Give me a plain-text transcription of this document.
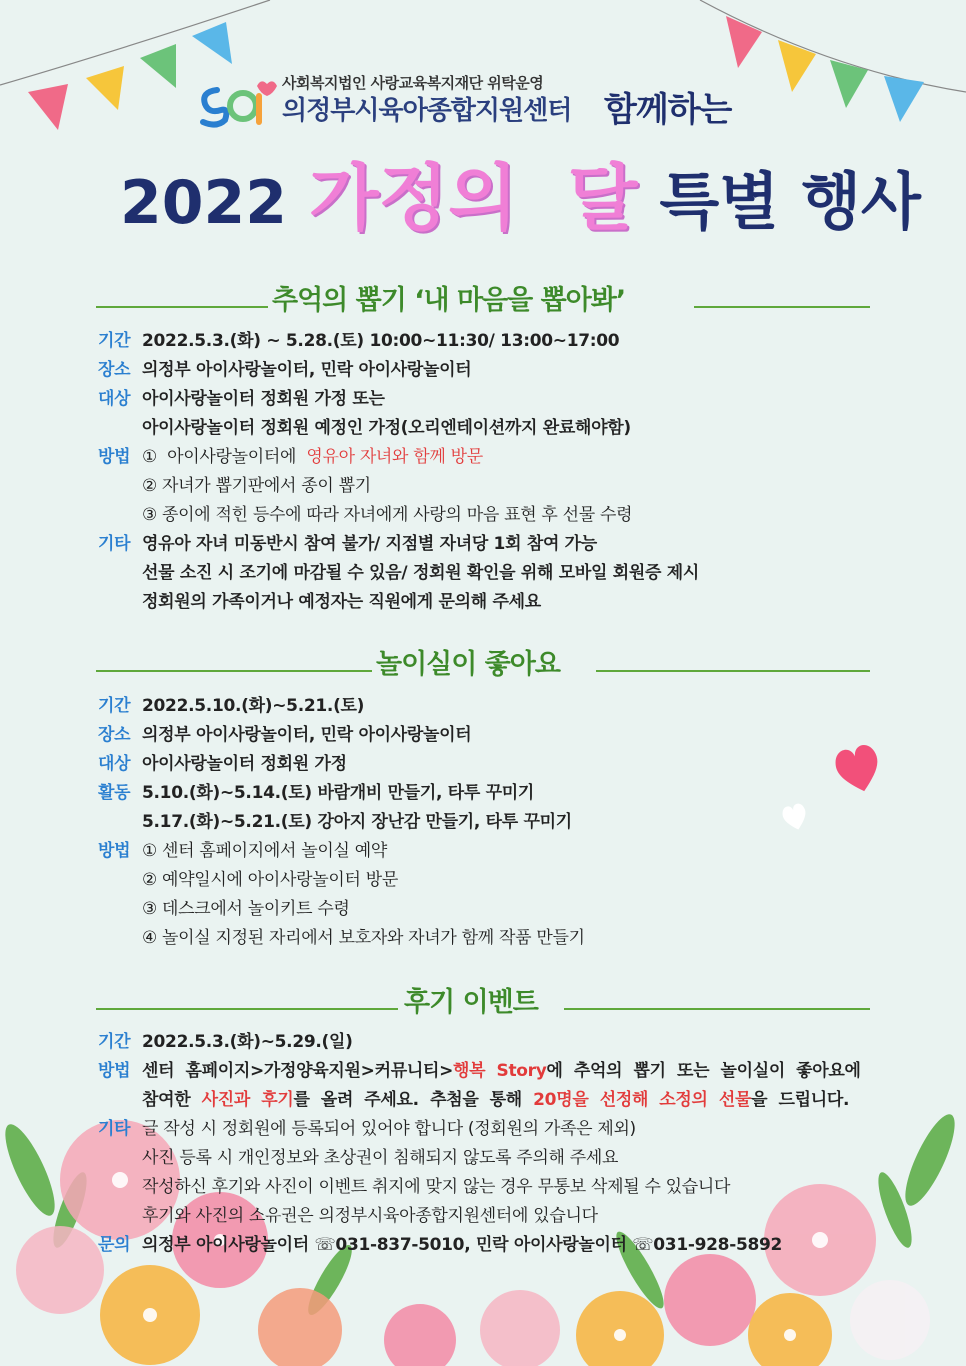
사회복지법인 사랑교육복지재단 위탁운영
의정부시육아종합지원센터 함께하는
2022 가정의  달 특별 행사
추억의 뽑기 ‘내 마음을 뽑아봐’
기간 2022.5.3.(화) ~ 5.28.(토) 10:00~11:30/ 13:00~17:00
장소 의정부 아이사랑놀이터, 민락 아이사랑놀이터
대상 아이사랑놀이터 정회원 가정 또는
아이사랑놀이터 정회원 예정인 가정(오리엔테이션까지 완료해야함)
방법 ①  아이사랑놀이터에  영유아 자녀와 함께 방문
② 자녀가 뽑기판에서 종이 뽑기
③ 종이에 적힌 등수에 따라 자녀에게 사랑의 마음 표현 후 선물 수령
기타 영유아 자녀 미동반시 참여 불가/ 지점별 자녀당 1회 참여 가능
선물 소진 시 조기에 마감될 수 있음/ 정회원 확인을 위해 모바일 회원증 제시
정회원의 가족이거나 예정자는 직원에게 문의해 주세요
놀이실이 좋아요
기간 2022.5.10.(화)~5.21.(토)
장소 의정부 아이사랑놀이터, 민락 아이사랑놀이터
대상 아이사랑놀이터 정회원 가정
활동 5.10.(화)~5.14.(토) 바람개비 만들기, 타투 꾸미기
5.17.(화)~5.21.(토) 강아지 장난감 만들기, 타투 꾸미기
방법 ① 센터 홈페이지에서 놀이실 예약
② 예약일시에 아이사랑놀이터 방문
③ 데스크에서 놀이키트 수령
④ 놀이실 지정된 자리에서 보호자와 자녀가 함께 작품 만들기
후기 이벤트
기간 2022.5.3.(화)~5.29.(일)
방법 센터  홈페이지>가정양육지원>커뮤니티>행복  Story에  추억의  뽑기  또는  놀이실이  좋아요에
참여한  사진과  후기를  올려  주세요.  추첨을  통해  20명을  선정해  소정의  선물을  드립니다.
기타 글 작성 시 정회원에 등록되어 있어야 합니다 (정회원의 가족은 제외)
사진 등록 시 개인정보와 초상권이 침해되지 않도록 주의해 주세요
작성하신 후기와 사진이 이벤트 취지에 맞지 않는 경우 무통보 삭제될 수 있습니다
후기와 사진의 소유권은 의정부시육아종합지원센터에 있습니다
문의 의정부 아이사랑놀이터 ☏031-837-5010, 민락 아이사랑놀이터 ☏031-928-5892
